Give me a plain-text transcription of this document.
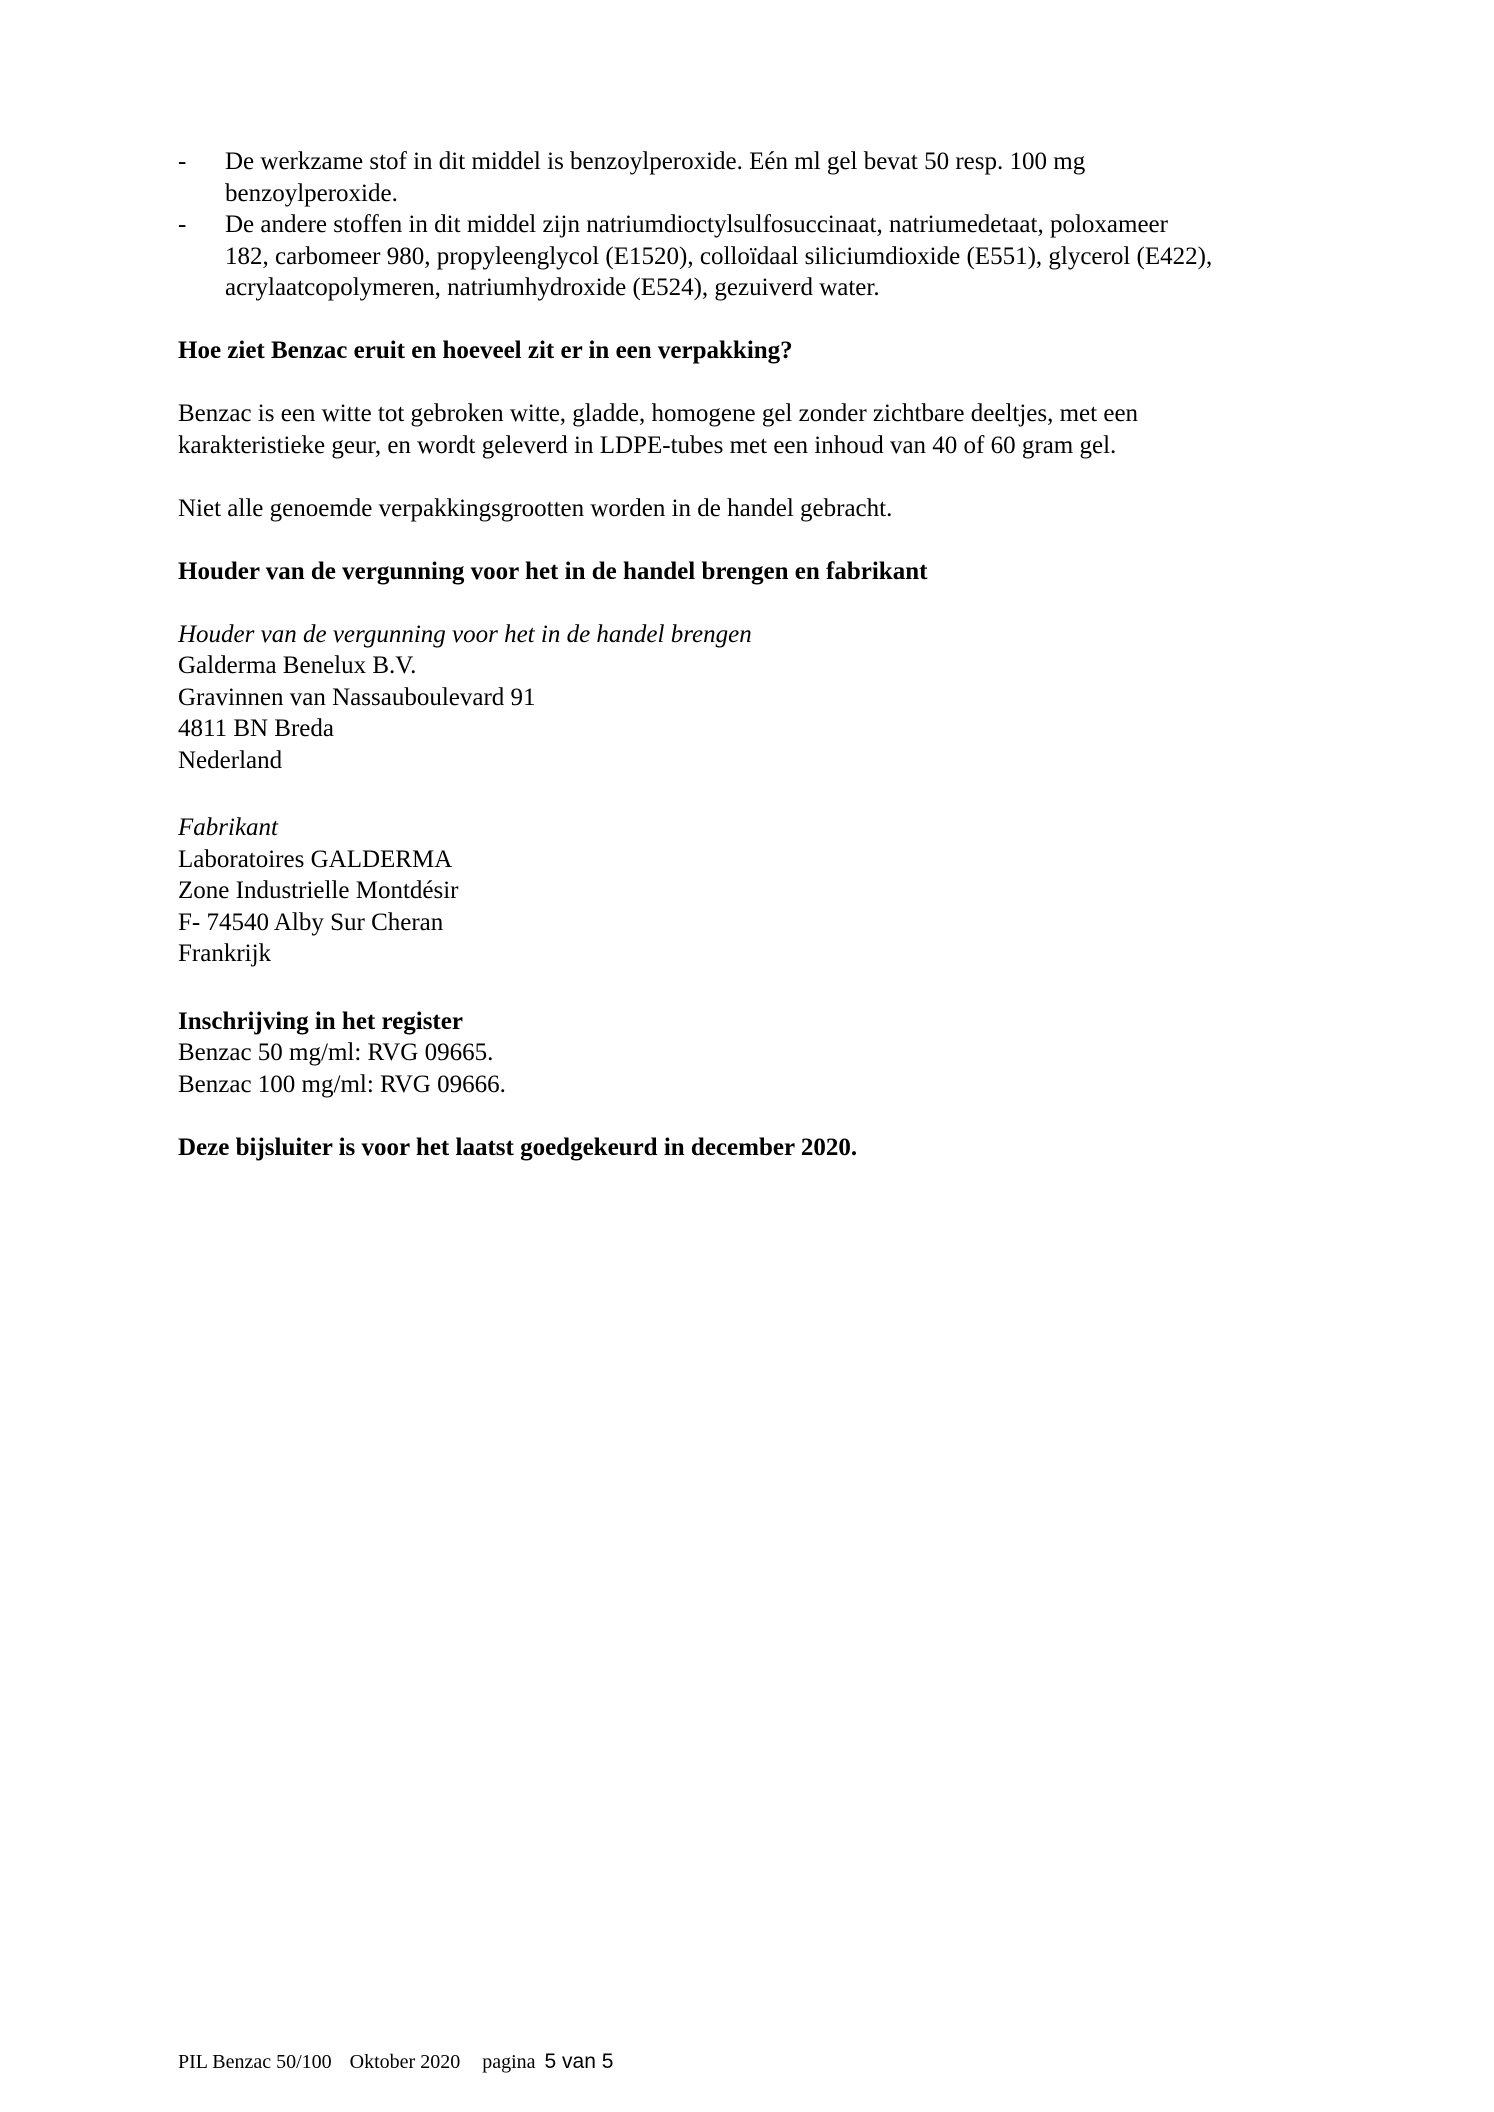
-	De werkzame stof in dit middel is benzoylperoxide. Eén ml gel bevat 50 resp. 100 mg
benzoylperoxide.
-	De andere stoffen in dit middel zijn natriumdioctylsulfosuccinaat, natriumedetaat, poloxameer
182, carbomeer 980, propyleenglycol (E1520), colloïdaal siliciumdioxide (E551), glycerol (E422),
acrylaatcopolymeren, natriumhydroxide (E524), gezuiverd water.
Hoe ziet Benzac eruit en hoeveel zit er in een verpakking?
Benzac is een witte tot gebroken witte, gladde, homogene gel zonder zichtbare deeltjes, met een
karakteristieke geur, en wordt geleverd in LDPE-tubes met een inhoud van 40 of 60 gram gel.
Niet alle genoemde verpakkingsgrootten worden in de handel gebracht.
Houder van de vergunning voor het in de handel brengen en fabrikant
Houder van de vergunning voor het in de handel brengen
Galderma Benelux B.V.
Gravinnen van Nassauboulevard 91
4811 BN Breda
Nederland
Fabrikant
Laboratoires GALDERMA
Zone Industrielle Montdésir
F- 74540 Alby Sur Cheran
Frankrijk
Inschrijving in het register
Benzac 50 mg/ml: RVG 09665.
Benzac 100 mg/ml: RVG 09666.
Deze bijsluiter is voor het laatst goedgekeurd in december 2020.
PIL Benzac 50/100 Oktober 2020 pagina 5 van 5
